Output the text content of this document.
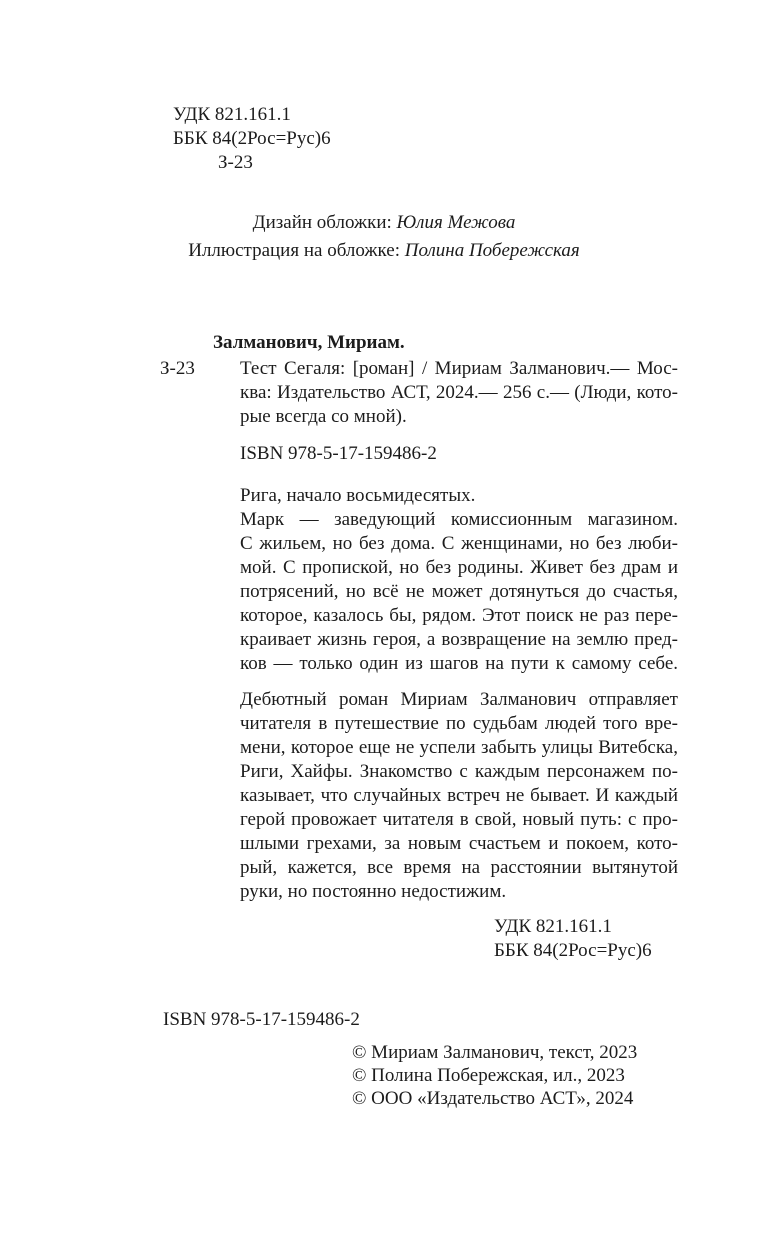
УДК 821.161.1
ББК 84(2Рос=Рус)6
З-23
Дизайн обложки: Юлия Межова
Иллюстрация на обложке: Полина Побережская
Залманович, Мириам.
З-23 Тест Сегаля: [роман] / Мириам Залманович.— Мос-
ква: Издательство АСТ, 2024.— 256 с.— (Люди, кото-
рые всегда со мной).
ISBN 978-5-17-159486-2
Рига, начало восьмидесятых.
Марк — заведующий комиссионным магазином.
С жильем, но без дома. С женщинами, но без люби-
мой. С пропиской, но без родины. Живет без драм и
потрясений, но всё не может дотянуться до счастья,
которое, казалось бы, рядом. Этот поиск не раз пере-
краивает жизнь героя, а возвращение на землю пред-
ков — только один из шагов на пути к самому себе.
Дебютный роман Мириам Залманович отправляет
читателя в путешествие по судьбам людей того вре-
мени, которое еще не успели забыть улицы Витебска,
Риги, Хайфы. Знакомство с каждым персонажем по-
казывает, что случайных встреч не бывает. И каждый
герой провожает читателя в свой, новый путь: с про-
шлыми грехами, за новым счастьем и покоем, кото-
рый, кажется, все время на расстоянии вытянутой
руки, но постоянно недостижим.
УДК 821.161.1
ББК 84(2Рос=Рус)6
ISBN 978-5-17-159486-2
© Мириам Залманович, текст, 2023
© Полина Побережская, ил., 2023
© ООО «Издательство АСТ», 2024
